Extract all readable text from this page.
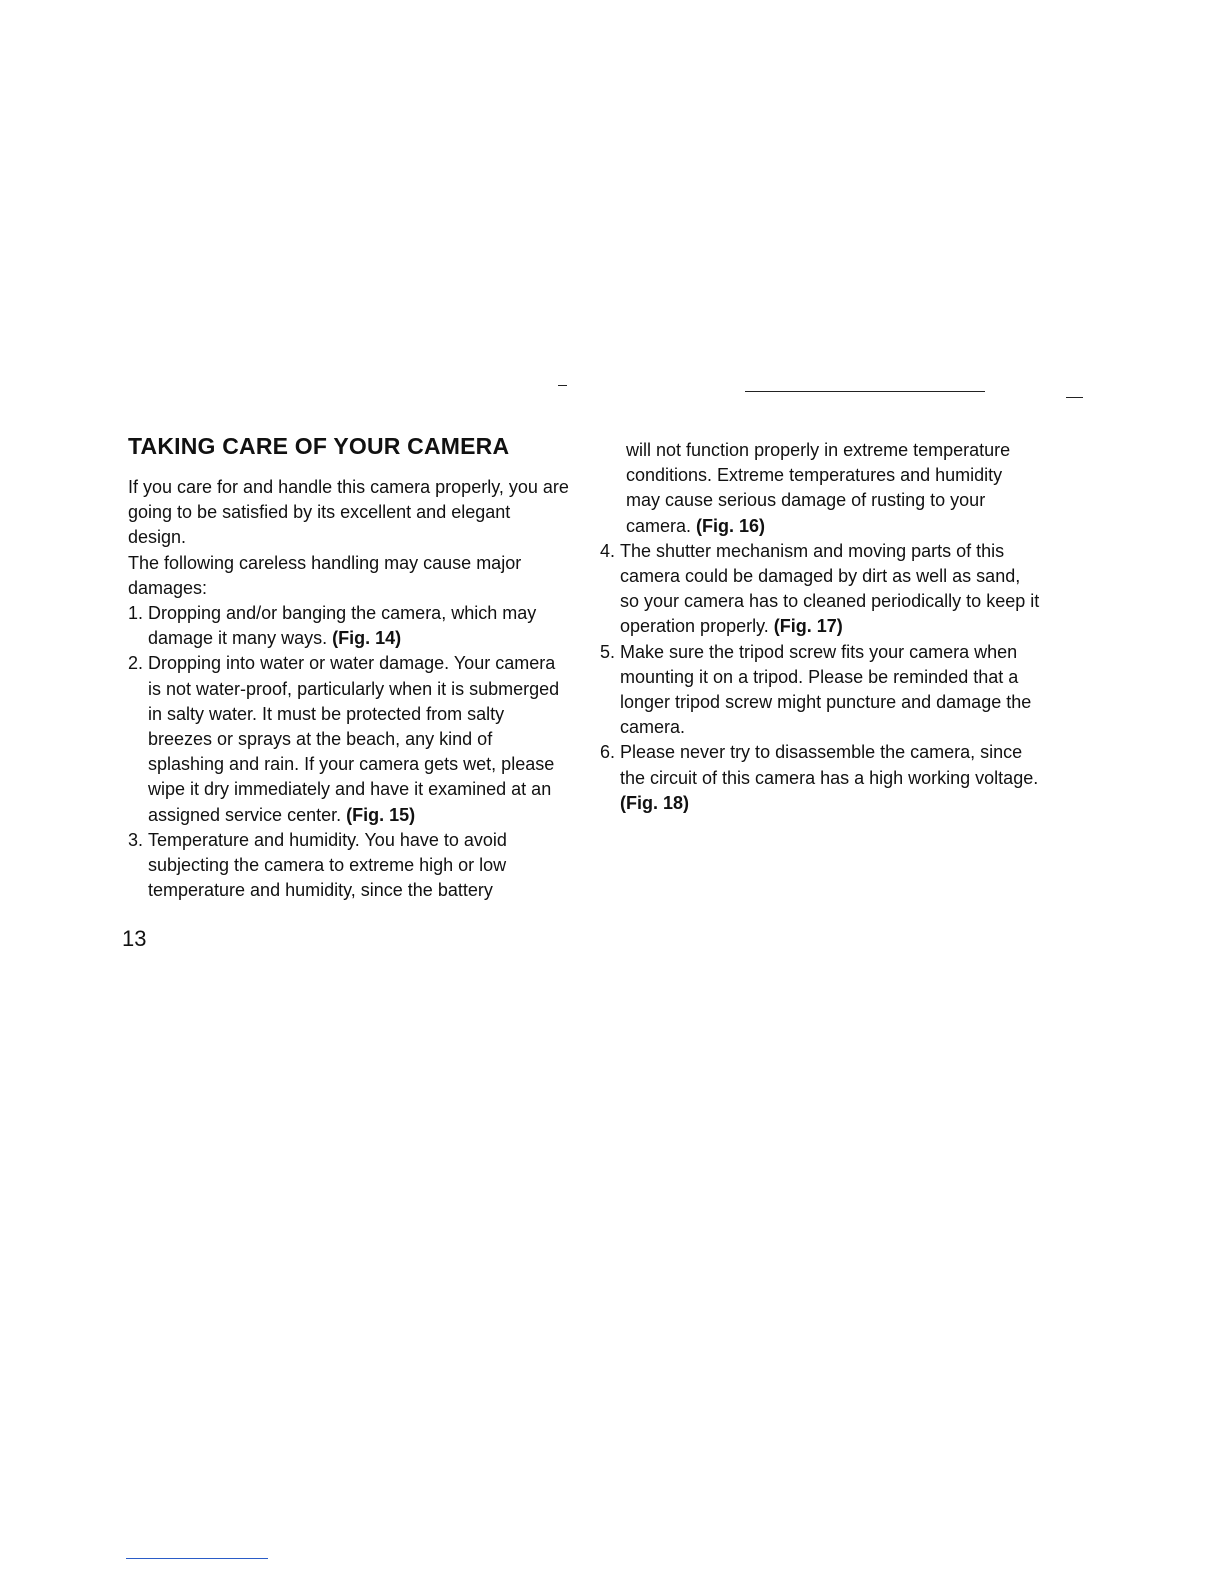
TAKING CARE OF YOUR CAMERA

If you care for and handle this camera properly, you are going to be satisfied by its excellent and elegant design.

The following careless handling may cause major damages:

1. Dropping and/or banging the camera, which may damage it many ways. (Fig. 14)
2. Dropping into water or water damage. Your camera is not water-proof, particularly when it is submerged in salty water. It must be protected from salty breezes or sprays at the beach, any kind of splashing and rain. If your camera gets wet, please wipe it dry immediately and have it examined at an assigned service center. (Fig. 15)
3. Temperature and humidity. You have to avoid subjecting the camera to extreme high or low temperature and humidity, since the battery
13

will not function properly in extreme temperature conditions. Extreme temperatures and humidity may cause serious damage of rusting to your camera. (Fig. 16)

4. The shutter mechanism and moving parts of this camera could be damaged by dirt as well as sand, so your camera has to cleaned periodically to keep it operation properly. (Fig. 17)
5. Make sure the tripod screw fits your camera when mounting it on a tripod. Please be reminded that a longer tripod screw might puncture and damage the camera.
6. Please never try to disassemble the camera, since the circuit of this camera has a high working voltage. (Fig. 18)
